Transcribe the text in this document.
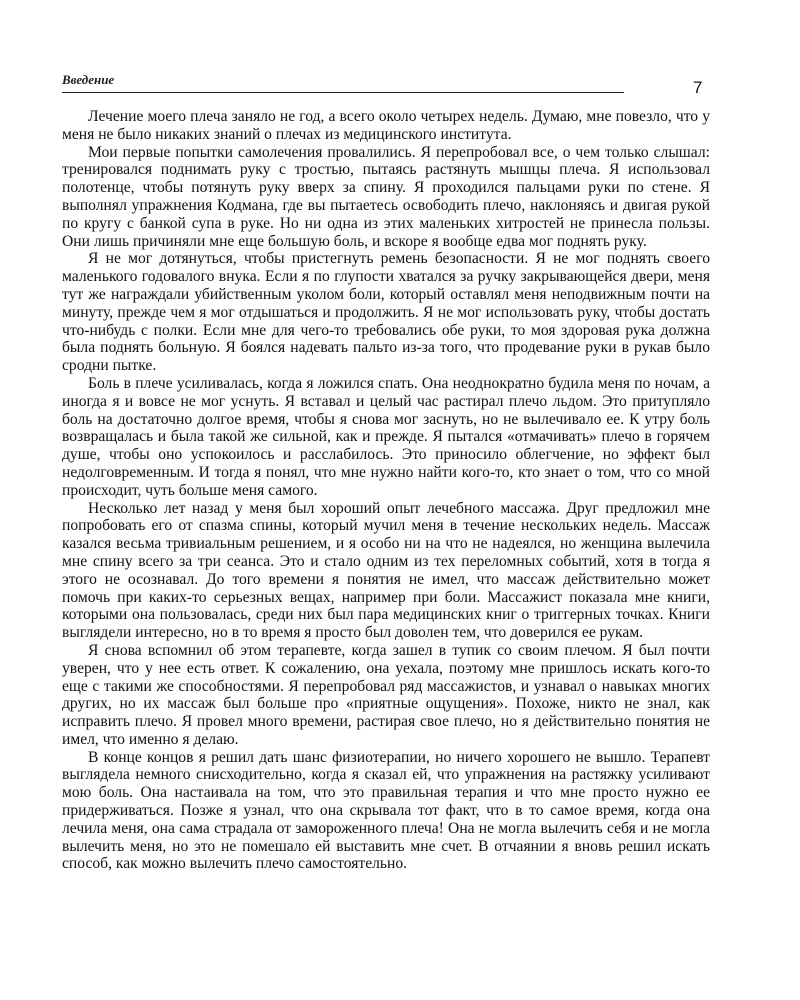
Введение	7

Лечение моего плеча заняло не год, а всего около четырех недель. Думаю, мне повезло, что у меня не было никаких знаний о плечах из медицинского института.

Мои первые попытки самолечения провалились. Я перепробовал все, о чем только слышал: тренировался поднимать руку с тростью, пытаясь растянуть мышцы плеча. Я использовал полотенце, чтобы потянуть руку вверх за спину. Я проходился пальцами руки по стене. Я выполнял упражнения Кодмана, где вы пытаетесь освободить плечо, наклоняясь и двигая рукой по кругу с банкой супа в руке. Но ни одна из этих маленьких хитростей не принесла пользы. Они лишь причиняли мне еще большую боль, и вскоре я вообще едва мог поднять руку.

Я не мог дотянуться, чтобы пристегнуть ремень безопасности. Я не мог поднять своего маленького годовалого внука. Если я по глупости хватался за ручку закрывающейся двери, меня тут же награждали убийственным уколом боли, который оставлял меня неподвижным почти на минуту, прежде чем я мог отдышаться и продолжить. Я не мог использовать руку, чтобы достать что-нибудь с полки. Если мне для чего-то требовались обе руки, то моя здоровая рука должна была поднять больную. Я боялся надевать пальто из-за того, что продевание руки в рукав было сродни пытке.

Боль в плече усиливалась, когда я ложился спать. Она неоднократно будила меня по ночам, а иногда я и вовсе не мог уснуть. Я вставал и целый час растирал плечо льдом. Это притупляло боль на достаточно долгое время, чтобы я снова мог заснуть, но не вылечивало ее. К утру боль возвращалась и была такой же сильной, как и прежде. Я пытался «отмачивать» плечо в горячем душе, чтобы оно успокоилось и расслабилось. Это приносило облегчение, но эффект был недолговременным. И тогда я понял, что мне нужно найти кого-то, кто знает о том, что со мной происходит, чуть больше меня самого.

Несколько лет назад у меня был хороший опыт лечебного массажа. Друг предложил мне попробовать его от спазма спины, который мучил меня в течение нескольких недель. Массаж казался весьма тривиальным решением, и я особо ни на что не надеялся, но женщина вылечила мне спину всего за три сеанса. Это и стало одним из тех переломных событий, хотя в тогда я этого не осознавал. До того времени я понятия не имел, что массаж действительно может помочь при каких-то серьезных вещах, например при боли. Массажист показала мне книги, которыми она пользовалась, среди них был пара медицинских книг о триггерных точках. Книги выглядели интересно, но в то время я просто был доволен тем, что доверился ее рукам.

Я снова вспомнил об этом терапевте, когда зашел в тупик со своим плечом. Я был почти уверен, что у нее есть ответ. К сожалению, она уехала, поэтому мне пришлось искать кого-то еще с такими же способностями. Я перепробовал ряд массажистов, и узнавал о навыках многих других, но их массаж был больше про «приятные ощущения». Похоже, никто не знал, как исправить плечо. Я провел много времени, растирая свое плечо, но я действительно понятия не имел, что именно я делаю.

В конце концов я решил дать шанс физиотерапии, но ничего хорошего не вышло. Терапевт выглядела немного снисходительно, когда я сказал ей, что упражнения на растяжку усиливают мою боль. Она настаивала на том, что это правильная терапия и что мне просто нужно ее придерживаться. Позже я узнал, что она скрывала тот факт, что в то самое время, когда она лечила меня, она сама страдала от замороженного плеча! Она не могла вылечить себя и не могла вылечить меня, но это не помешало ей выставить мне счет. В отчаянии я вновь решил искать способ, как можно вылечить плечо самостоятельно.
